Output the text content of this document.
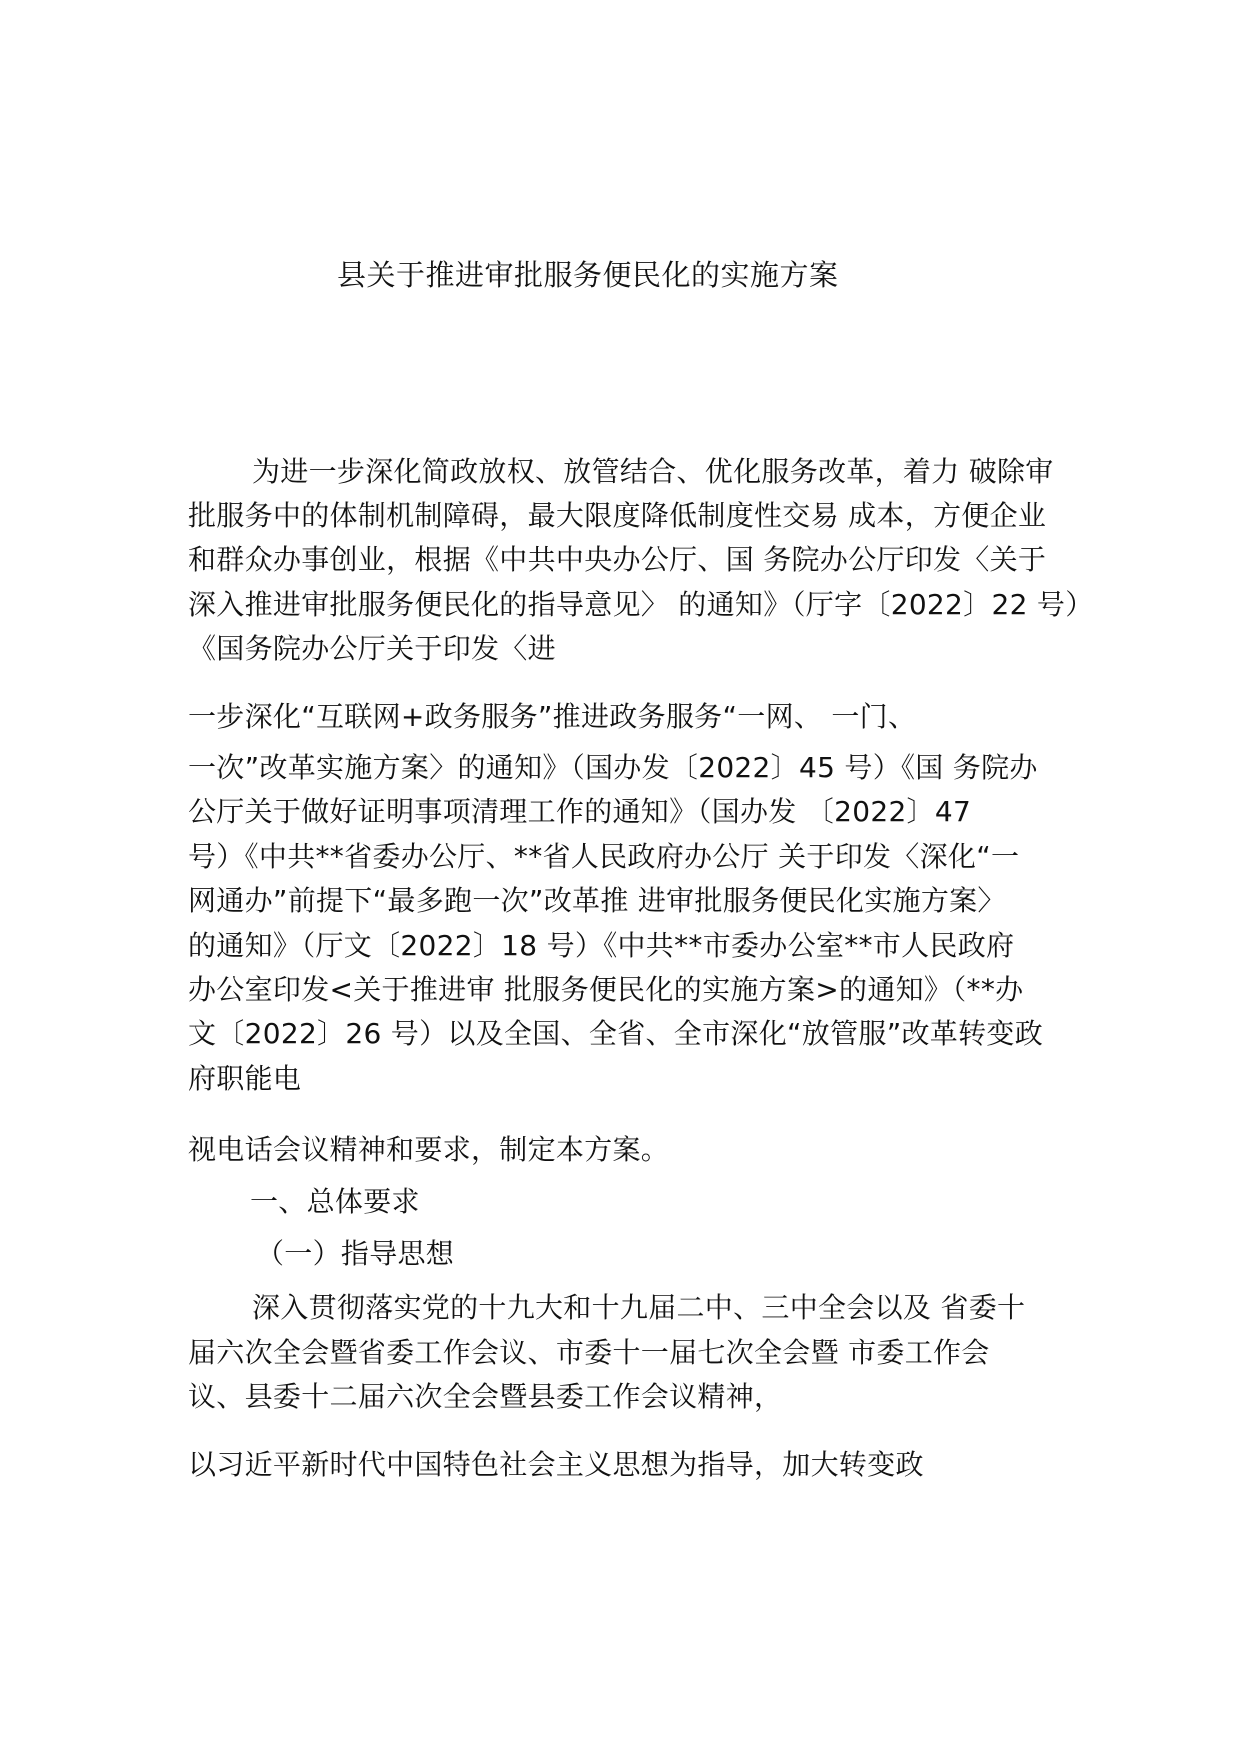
县关于推进审批服务便民化的实施方案
为进一步深化简政放权、放管结合、优化服务改革，着力 破除审
批服务中的体制机制障碍，最大限度降低制度性交易 成本，方便企业
和群众办事创业，根据《中共中央办公厅、国 务院办公厅印发〈关于
深入推进审批服务便民化的指导意见〉 的通知》（厅字〔2022〕22 号）
《国务院办公厅关于印发〈进
一步深化“互联网+政务服务”推进政务服务“一网、 一门、
一次”改革实施方案〉的通知》（国办发〔2022〕45 号）《国 务院办
公厅关于做好证明事项清理工作的通知》（国办发 〔2022〕47
号）《中共**省委办公厅、**省人民政府办公厅 关于印发〈深化“一
网通办”前提下“最多跑一次”改革推 进审批服务便民化实施方案〉
的通知》（厅文〔2022〕18 号）《中共**市委办公室**市人民政府
办公室印发<关于推进审 批服务便民化的实施方案>的通知》（**办
文〔2022〕26 号）以及全国、全省、全市深化“放管服”改革转变政
府职能电
视电话会议精神和要求，制定本方案。
一、总体要求
（一）指导思想
深入贯彻落实党的十九大和十九届二中、三中全会以及 省委十
届六次全会暨省委工作会议、市委十一届七次全会暨 市委工作会
议、县委十二届六次全会暨县委工作会议精神，
以习近平新时代中国特色社会主义思想为指导，加大转变政
